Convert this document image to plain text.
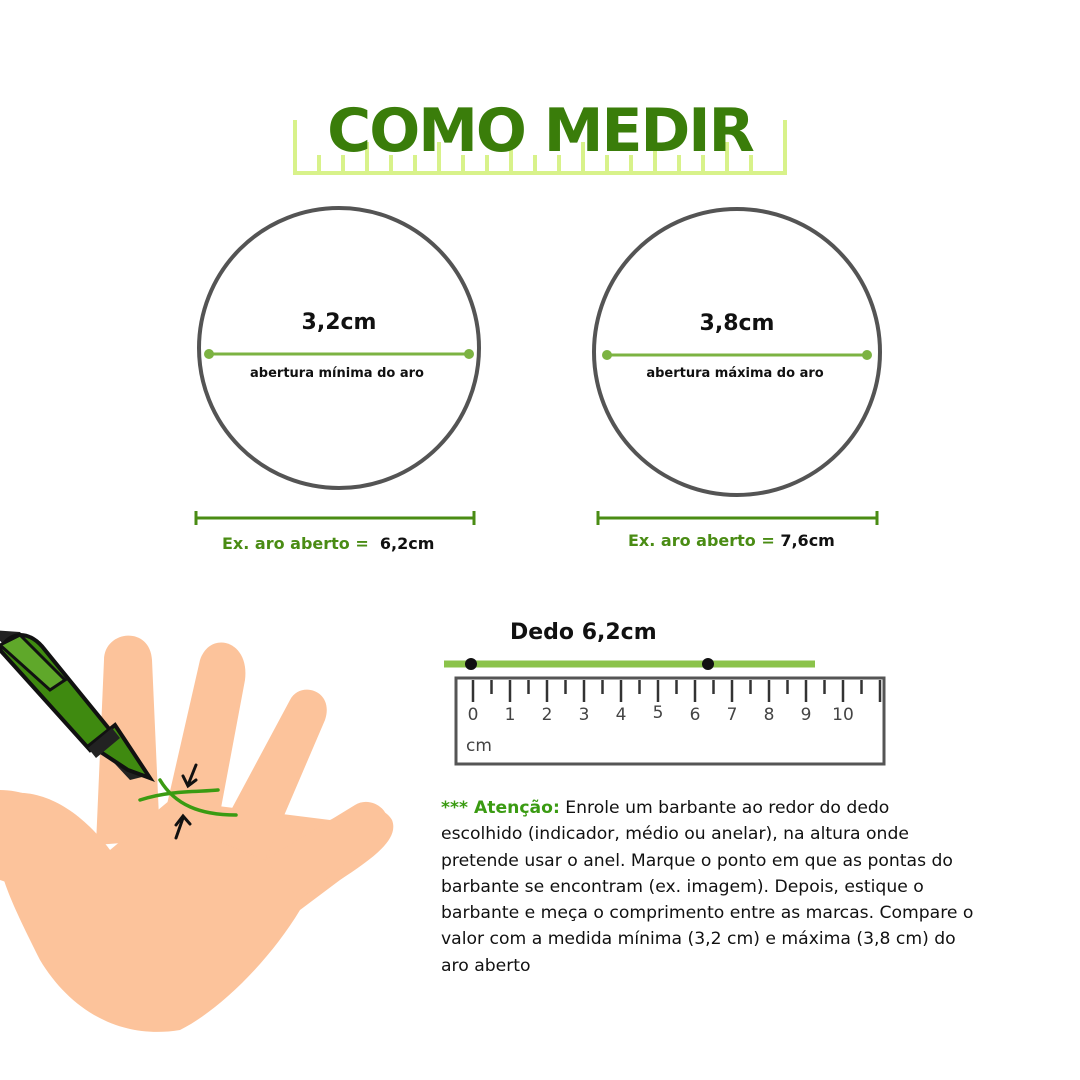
COMO MEDIR
3,2cm
abertura mínima do aro
3,8cm
abertura máxima do aro
Ex. aro aberto = 6,2cm	Ex. aro aberto = 7,6cm
Dedo 6,2cm
0	1	2	3	4	5	6	7	8	9	10
cm
*** Atenção: Enrole um barbante ao redor do dedo escolhido (indicador, médio ou anelar), na altura onde pretende usar o anel. Marque o ponto em que as pontas do barbante se encontram (ex. imagem). Depois, estique o barbante e meça o comprimento entre as marcas. Compare o valor com a medida mínima (3,2 cm) e máxima (3,8 cm) do aro aberto
